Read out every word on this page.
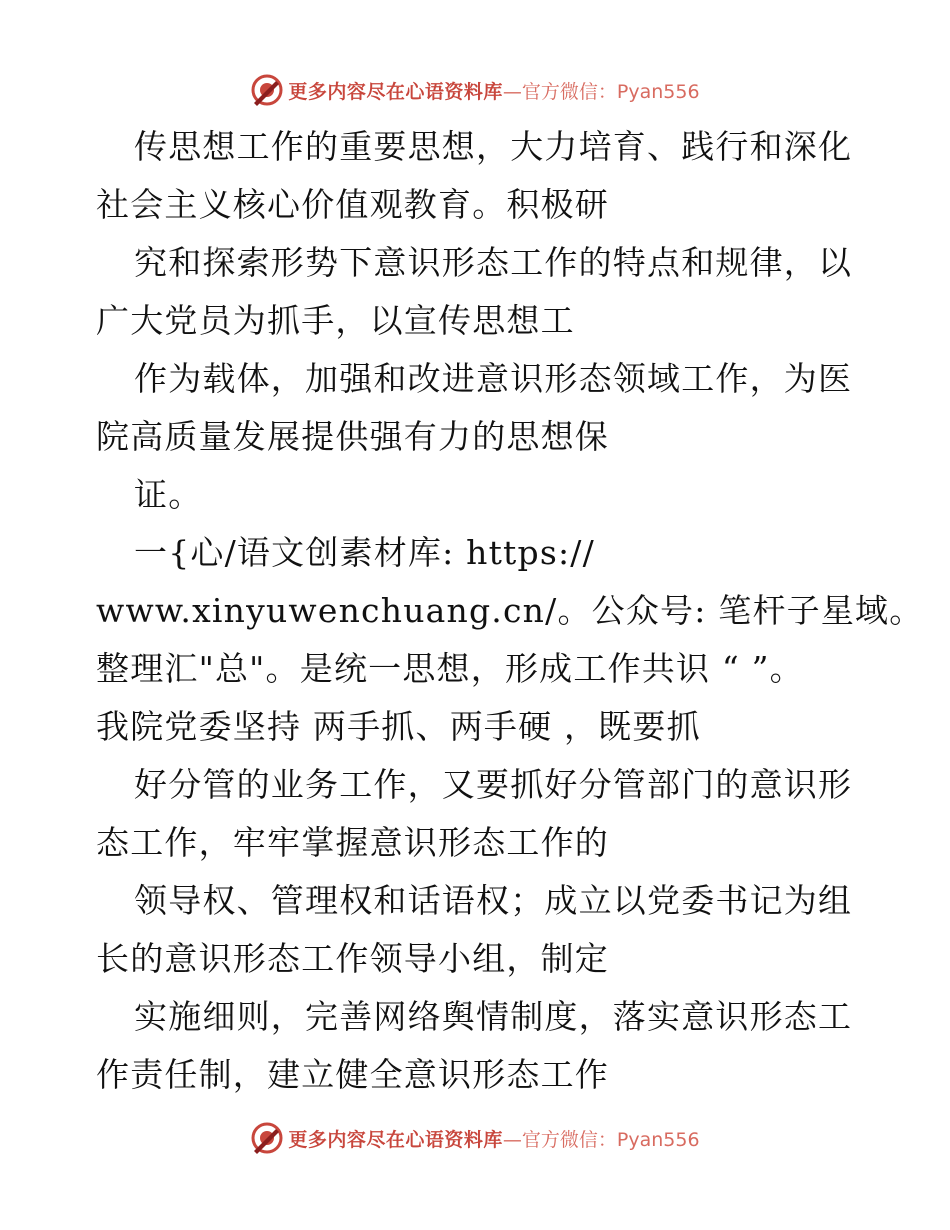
更多内容尽在心语资料库 —官方微信：Pyan556
传思想工作的重要思想，大力培育、践行和深化
社会主义核心价值观教育。积极研
究和探索形势下意识形态工作的特点和规律，以
广大党员为抓手，以宣传思想工
作为载体，加强和改进意识形态领域工作，为医
院高质量发展提供强有力的思想保
证。
一{心/语文创素材库: https://
www.xinyuwenchuang.cn/。公众号: 笔杆子星域。
整理汇"总"。是统一思想，形成工作共识 “ ”。
我院党委坚持 两手抓、两手硬 ，既要抓
好分管的业务工作，又要抓好分管部门的意识形
态工作，牢牢掌握意识形态工作的
领导权、管理权和话语权；成立以党委书记为组
长的意识形态工作领导小组，制定
实施细则，完善网络舆情制度，落实意识形态工
作责任制，建立健全意识形态工作
更多内容尽在心语资料库 —官方微信：Pyan556
